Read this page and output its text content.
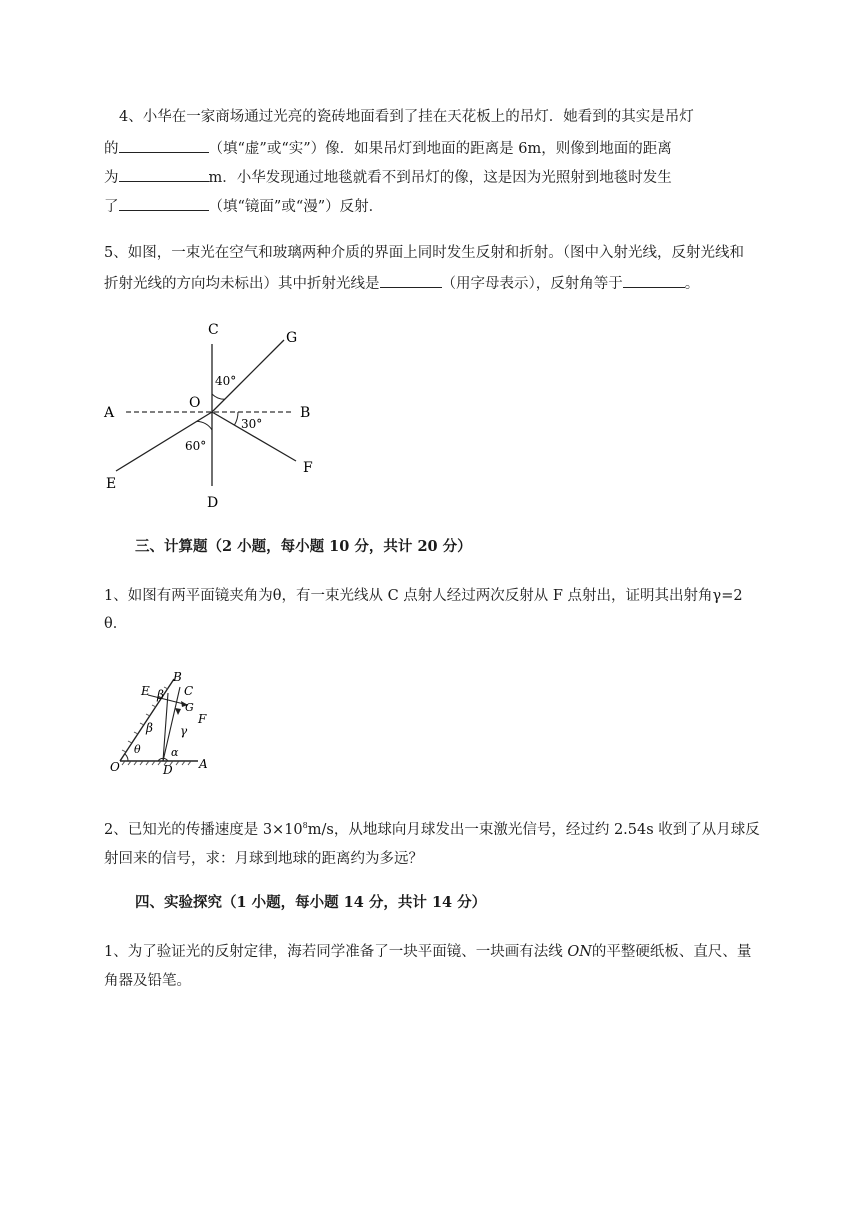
4、小华在一家商场通过光亮的瓷砖地面看到了挂在天花板上的吊灯．她看到的其实是吊灯
的	（填“虚”或“实”）像．如果吊灯到地面的距离是 6m，则像到地面的距离
为	m．小华发现通过地毯就看不到吊灯的像，这是因为光照射到地毯时发生
了	（填“镜面”或“漫”）反射．
5、如图，一束光在空气和玻璃两种介质的界面上同时发生反射和折射。（图中入射光线，反射光线和
折射光线的方向均未标出）其中折射光线是	（用字母表示），反射角等于	。
C	G
A	B
O
E
F
D
40°
30°
60°
三、计算题（2 小题，每小题 10 分，共计 20 分）
1、如图有两平面镜夹角为θ，有一束光线从 C 点射人经过两次反射从 F 点射出，证明其出射角γ=2
θ．
B
C
E β
G
F
β γ
θ	α
O	D A
2、已知光的传播速度是 $3\times 10^8m/s$，从地球向月球发出一束激光信号，经过约 2.54s 收到了从月球反
射回来的信号，求：月球到地球的距离约为多远？
四、实验探究（1 小题，每小题 14 分，共计 14 分）
1、为了验证光的反射定律，海若同学准备了一块平面镜、一块画有法线 ON的平整硬纸板、直尺、量
角器及铅笔。
